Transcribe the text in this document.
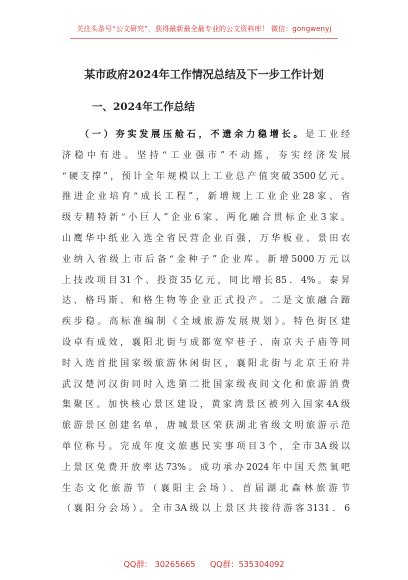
关注头条号“公文研究”，获得最新最全最专业的公文资料库！ 微信：gongwenyj
某市政府2024年工作情况总结及下一步工作计划
一、2024年工作总结
（一）夯实发展压舱石，不遗余力稳增长。是工业经
济稳中有进。坚持“工业强市”不动摇，夯实经济发展
“硬支撑”，预计全年规模以上工业总产值突破3500亿元。
推进企业培育“成长工程”，新增规上工业企业28家、省
级专精特新“小巨人”企业6家、两化融合贯标企业3家。
山鹰华中纸业入选全省民营企业百强，万华板业、景田农
业纳入省级上市后备“金种子”企业库。新增5000万元以
上技改项目31个、投资35亿元，同比增长85．4%。泰昇
达、格玛斯、和格生物等企业正式投产。二是文旅融合蹄
疾步稳。高标准编制《全域旅游发展规划》。特色街区建
设卓有成效，襄阳北街与成都宽窄巷子、南京夫子庙等同
时入选首批国家级旅游休闲街区，襄阳北街与北京王府井
武汉楚河汉街同时入选第二批国家级夜间文化和旅游消费
集聚区。加快核心景区建设，黄家湾景区被列入国家4A级
旅游景区创建名单，唐城景区荣获湖北省级文明旅游示范
单位称号。完成年度文旅惠民实事项目3个，全市3A级以
上景区免费开放率达73%。成功承办2024年中国天然氧吧
生态文化旅游节（襄阳主会场）、首届湖北森林旅游节
（襄阳分会场）。全市3A级以上景区共接待游客3131．6
QQ群： 30265665 QQ群：535304092
